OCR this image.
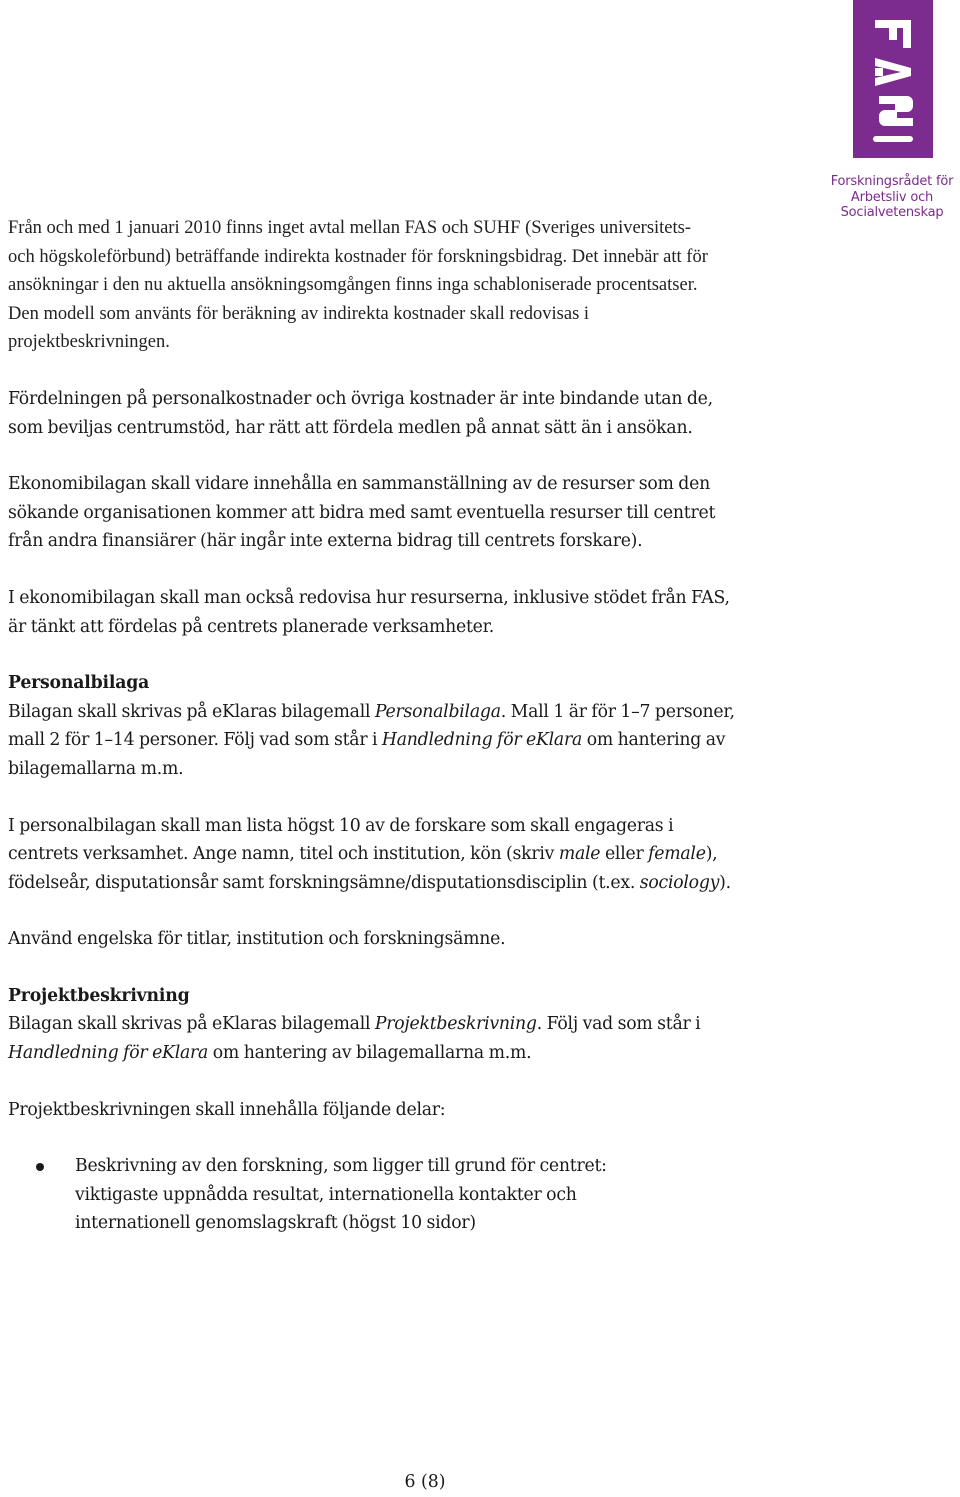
Forskningsrådet för
Arbetsliv och
Socialvetenskap

Från och med 1 januari 2010 finns inget avtal mellan FAS och SUHF (Sveriges universitets- och högskoleförbund) beträffande indirekta kostnader för forskningsbidrag. Det innebär att för ansökningar i den nu aktuella ansökningsomgången finns inga schabloniserade procentsatser. Den modell som använts för beräkning av indirekta kostnader skall redovisas i projektbeskrivningen.

Fördelningen på personalkostnader och övriga kostnader är inte bindande utan de, som beviljas centrumstöd, har rätt att fördela medlen på annat sätt än i ansökan.

Ekonomibilagan skall vidare innehålla en sammanställning av de resurser som den sökande organisationen kommer att bidra med samt eventuella resurser till centret från andra finansiärer (här ingår inte externa bidrag till centrets forskare).

I ekonomibilagan skall man också redovisa hur resurserna, inklusive stödet från FAS, är tänkt att fördelas på centrets planerade verksamheter.

Personalbilaga

Bilagan skall skrivas på eKlaras bilagemall Personalbilaga. Mall 1 är för 1–7 personer, mall 2 för 1–14 personer. Följ vad som står i Handledning för eKlara om hantering av bilagemallarna m.m.

I personalbilagan skall man lista högst 10 av de forskare som skall engageras i centrets verksamhet. Ange namn, titel och institution, kön (skriv male eller female), födelseår, disputationsår samt forskningsämne/disputationsdisciplin (t.ex. sociology).

Använd engelska för titlar, institution och forskningsämne.

Projektbeskrivning

Bilagan skall skrivas på eKlaras bilagemall Projektbeskrivning. Följ vad som står i Handledning för eKlara om hantering av bilagemallarna m.m.

Projektbeskrivningen skall innehålla följande delar:

Beskrivning av den forskning, som ligger till grund för centret: viktigaste uppnådda resultat, internationella kontakter och internationell genomslagskraft (högst 10 sidor)
6 (8)
